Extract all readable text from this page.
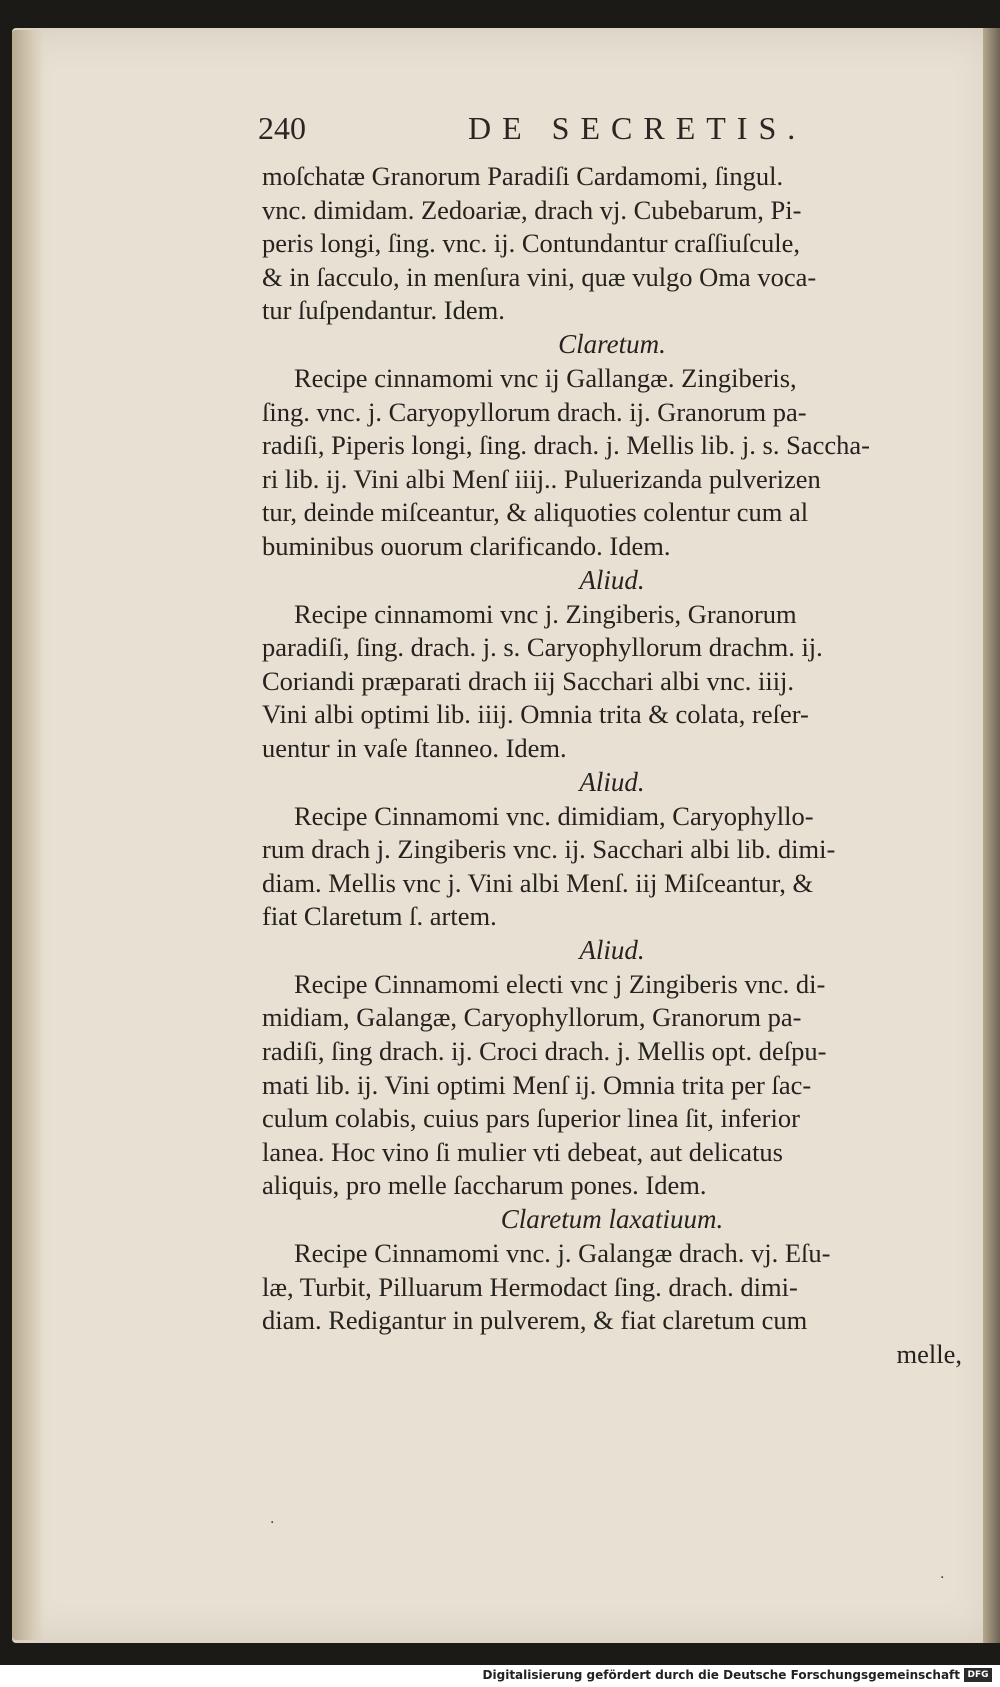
240	DE SECRETIS.
moſchatæ Granorum Paradiſi Cardamomi, ſingul.
vnc. dimidam. Zedoariæ, drach vj. Cubebarum, Pi-
peris longi, ſing. vnc. ij. Contundantur craſſiuſcule,
& in ſacculo, in menſura vini, quæ vulgo Oma voca-
tur ſuſpendantur. Idem.
Claretum.
Recipe cinnamomi vnc ij Gallangæ. Zingiberis,
ſing. vnc. j. Caryopyllorum drach. ij. Granorum pa-
radiſi, Piperis longi, ſing. drach. j. Mellis lib. j. s. Saccha-
ri lib. ij. Vini albi Menſ iiij.. Puluerizanda pulverizen
tur, deinde miſceantur, & aliquoties colentur cum al
buminibus ouorum clarificando. Idem.
Aliud.
Recipe cinnamomi vnc j. Zingiberis, Granorum
paradiſi, ſing. drach. j. s. Caryophyllorum drachm. ij.
Coriandi præparati drach iij Sacchari albi vnc. iiij.
Vini albi optimi lib. iiij. Omnia trita & colata, reſer-
uentur in vaſe ſtanneo. Idem.
Aliud.
Recipe Cinnamomi vnc. dimidiam, Caryophyllo-
rum drach j. Zingiberis vnc. ij. Sacchari albi lib. dimi-
diam. Mellis vnc j. Vini albi Menſ. iij Miſceantur, &
fiat Claretum ſ. artem.
Aliud.
Recipe Cinnamomi electi vnc j Zingiberis vnc. di-
midiam, Galangæ, Caryophyllorum, Granorum pa-
radiſi, ſing drach. ij. Croci drach. j. Mellis opt. deſpu-
mati lib. ij. Vini optimi Menſ ij. Omnia trita per ſac-
culum colabis, cuius pars ſuperior linea ſit, inferior
lanea. Hoc vino ſi mulier vti debeat, aut delicatus
aliquis, pro melle ſaccharum pones. Idem.
Claretum laxatiuum.
Recipe Cinnamomi vnc. j. Galangæ drach. vj. Eſu-
læ, Turbit, Pilluarum Hermodact ſing. drach. dimi-
diam. Redigantur in pulverem, & fiat claretum cum
melle,
·
·
Digitalisierung gefördert durch die Deutsche Forschungsgemeinschaft DFG
